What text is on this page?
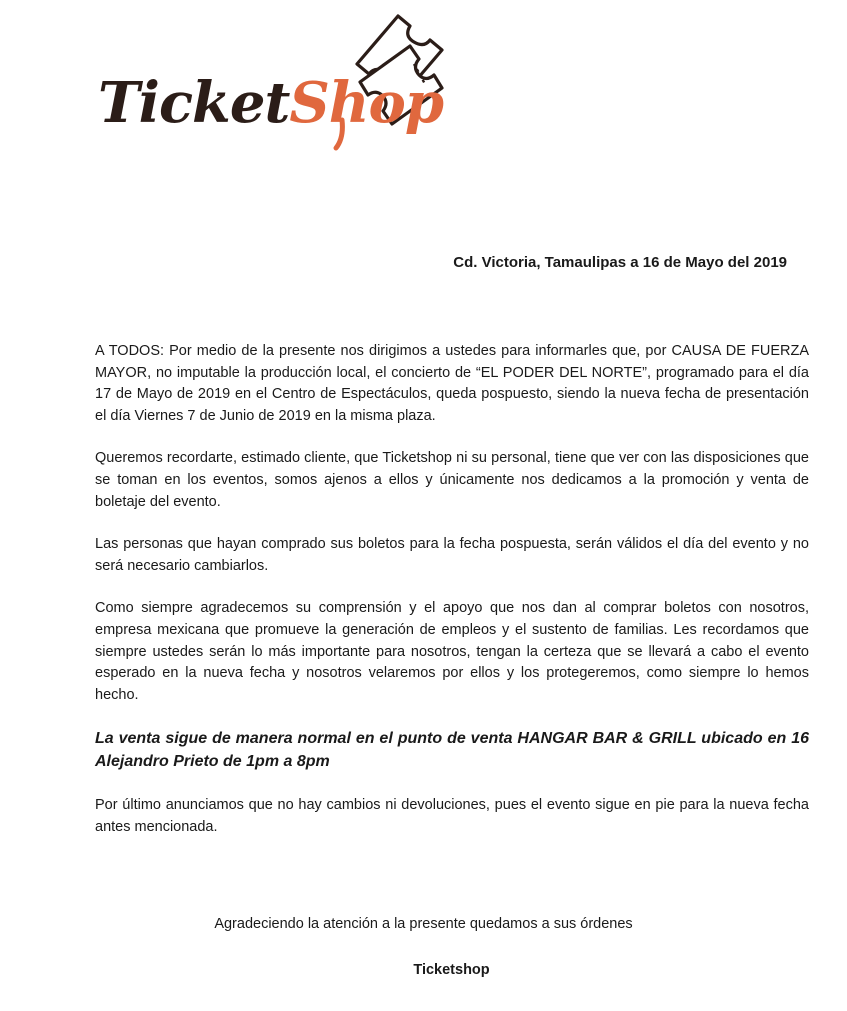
TicketShop
Cd. Victoria, Tamaulipas a 16 de Mayo del 2019

A TODOS: Por medio de la presente nos dirigimos a ustedes para informarles que, por CAUSA DE FUERZA MAYOR, no imputable la producción local, el concierto de “EL PODER DEL NORTE”, programado para el día 17 de Mayo de 2019 en el Centro de Espectáculos, queda pospuesto, siendo la nueva fecha de presentación el día Viernes 7 de Junio de 2019 en la misma plaza.

Queremos recordarte, estimado cliente, que Ticketshop ni su personal, tiene que ver con las disposiciones que se toman en los eventos, somos ajenos a ellos y únicamente nos dedicamos a la promoción y venta de boletaje del evento.

Las personas que hayan comprado sus boletos para la fecha pospuesta, serán válidos el día del evento y no será necesario cambiarlos.

Como siempre agradecemos su comprensión y el apoyo que nos dan al comprar boletos con nosotros, empresa mexicana que promueve la generación de empleos y el sustento de familias. Les recordamos que siempre ustedes serán lo más importante para nosotros, tengan la certeza que se llevará a cabo el evento esperado en la nueva fecha y nosotros velaremos por ellos y los protegeremos, como siempre lo hemos hecho.

La venta sigue de manera normal en el punto de venta HANGAR BAR & GRILL ubicado en 16 Alejandro Prieto de 1pm a 8pm

Por último anunciamos que no hay cambios ni devoluciones, pues el evento sigue en pie para la nueva fecha antes mencionada.

Agradeciendo la atención a la presente quedamos a sus órdenes
Ticketshop
